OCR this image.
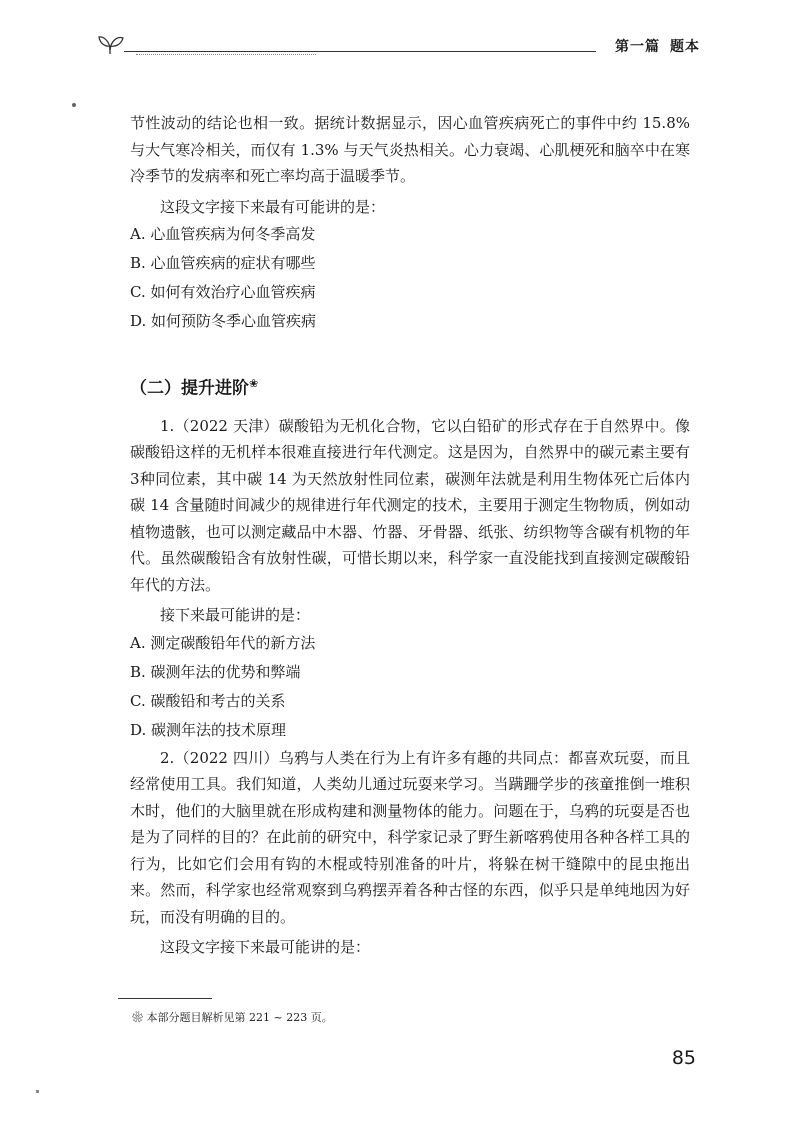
第一篇 题本

节性波动的结论也相一致。据统计数据显示，因心血管疾病死亡的事件中约 15.8% 与大气寒冷相关，而仅有 1.3% 与天气炎热相关。心力衰竭、心肌梗死和脑卒中在寒冷季节的发病率和死亡率均高于温暖季节。

这段文字接下来最有可能讲的是：

A. 心血管疾病为何冬季高发

B. 心血管疾病的症状有哪些

C. 如何有效治疗心血管疾病

D. 如何预防冬季心血管疾病

（二）提升进阶❀

1.（2022 天津）碳酸铅为无机化合物，它以白铅矿的形式存在于自然界中。像碳酸铅这样的无机样本很难直接进行年代测定。这是因为，自然界中的碳元素主要有3种同位素，其中碳 14 为天然放射性同位素，碳测年法就是利用生物体死亡后体内碳 14 含量随时间减少的规律进行年代测定的技术，主要用于测定生物物质，例如动植物遗骸，也可以测定藏品中木器、竹器、牙骨器、纸张、纺织物等含碳有机物的年代。虽然碳酸铅含有放射性碳，可惜长期以来，科学家一直没能找到直接测定碳酸铅年代的方法。

接下来最可能讲的是：

A. 测定碳酸铅年代的新方法

B. 碳测年法的优势和弊端

C. 碳酸铅和考古的关系

D. 碳测年法的技术原理

2.（2022 四川）乌鸦与人类在行为上有许多有趣的共同点：都喜欢玩耍，而且经常使用工具。我们知道，人类幼儿通过玩耍来学习。当蹒跚学步的孩童推倒一堆积木时，他们的大脑里就在形成构建和测量物体的能力。问题在于，乌鸦的玩耍是否也是为了同样的目的？在此前的研究中，科学家记录了野生新喀鸦使用各种各样工具的行为，比如它们会用有钩的木棍或特别准备的叶片，将躲在树干缝隙中的昆虫拖出来。然而，科学家也经常观察到乌鸦摆弄着各种古怪的东西，似乎只是单纯地因为好玩，而没有明确的目的。

这段文字接下来最可能讲的是：

❀ 本部分题目解析见第 221 ~ 223 页。
85
